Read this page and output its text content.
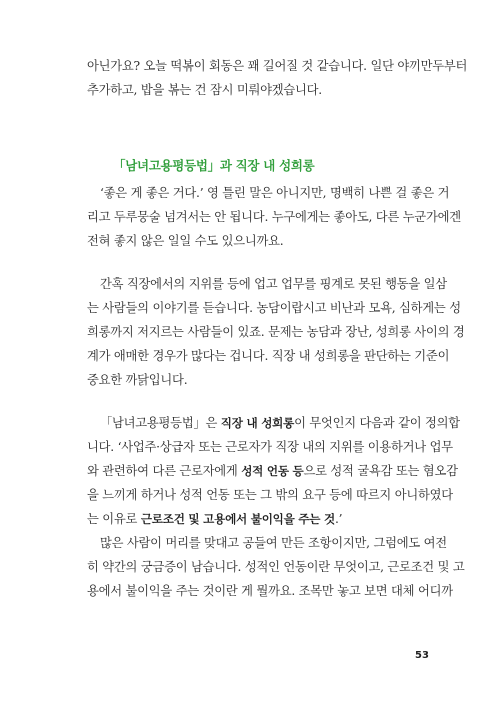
아닌가요? 오늘 떡볶이 회동은 꽤 길어질 것 같습니다. 일단 야끼만두부터
추가하고, 밥을 볶는 건 잠시 미뤄야겠습니다.
「남녀고용평등법」과 직장 내 성희롱
‘좋은 게 좋은 거다.’ 영 틀린 말은 아니지만, 명백히 나쁜 걸 좋은 거
리고 두루뭉술 넘겨서는 안 됩니다. 누구에게는 좋아도, 다른 누군가에겐
전혀 좋지 않은 일일 수도 있으니까요.
간혹 직장에서의 지위를 등에 업고 업무를 핑계로 못된 행동을 일삼
는 사람들의 이야기를 듣습니다. 농담이랍시고 비난과 모욕, 심하게는 성
희롱까지 저지르는 사람들이 있죠. 문제는 농담과 장난, 성희롱 사이의 경
계가 애매한 경우가 많다는 겁니다. 직장 내 성희롱을 판단하는 기준이
중요한 까닭입니다.
「남녀고용평등법」은 직장 내 성희롱이 무엇인지 다음과 같이 정의합
니다. ‘사업주·상급자 또는 근로자가 직장 내의 지위를 이용하거나 업무
와 관련하여 다른 근로자에게 성적 언동 등으로 성적 굴욕감 또는 혐오감
을 느끼게 하거나 성적 언동 또는 그 밖의 요구 등에 따르지 아니하였다
는 이유로 근로조건 및 고용에서 불이익을 주는 것.’
많은 사람이 머리를 맞대고 공들여 만든 조항이지만, 그럼에도 여전
히 약간의 궁금증이 남습니다. 성적인 언동이란 무엇이고, 근로조건 및 고
용에서 불이익을 주는 것이란 게 뭘까요. 조목만 놓고 보면 대체 어디까
53
